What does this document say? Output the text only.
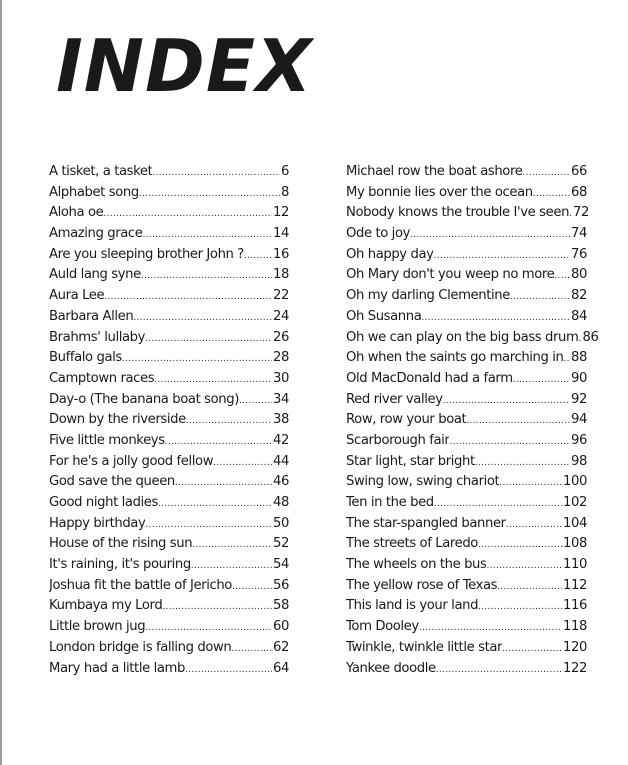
INDEX
A tisket, a tasket .....	6
Alphabet song .....	8
Aloha oe .....	12
Amazing grace .....	14
Are you sleeping brother John ? ..... 16
Auld lang syne .....	18
Aura Lee .....	22
Barbara Allen .....	24
Brahms' lullaby .....	26
Buffalo gals .....	28
Camptown races .....	30
Day-o (The banana boat song) .....	34
Down by the riverside .....	38
Five little monkeys .....	42
For he's a jolly good fellow .....	44
God save the queen .....	46
Good night ladies .....	48
Happy birthday .....	50
House of the rising sun .....	52
It's raining, it's pouring .....	54
Joshua fit the battle of Jericho .....	56
Kumbaya my Lord .....	58
Little brown jug .....	60
London bridge is falling down .....	62
Mary had a little lamb .....	64
Michael row the boat ashore .....	66
My bonnie lies over the ocean .....	68
Nobody knows the trouble I've seen ..... 72
Ode to joy .....	74
Oh happy day .....	76
Oh Mary don't you weep no more ..... 80
Oh my darling Clementine .....	82
Oh Susanna .....	84
Oh we can play on the big bass drum ..... 86
Oh when the saints go marching in ..... 88
Old MacDonald had a farm .....	90
Red river valley .....	92
Row, row your boat .....	94
Scarborough fair .....	96
Star light, star bright .....	98
Swing low, swing chariot .....	100
Ten in the bed .....	102
The star-spangled banner .....	104
The streets of Laredo .....	108
The wheels on the bus .....	110
The yellow rose of Texas .....	112
This land is your land .....	116
Tom Dooley .....	118
Twinkle, twinkle little star .....	120
Yankee doodle .....	122
